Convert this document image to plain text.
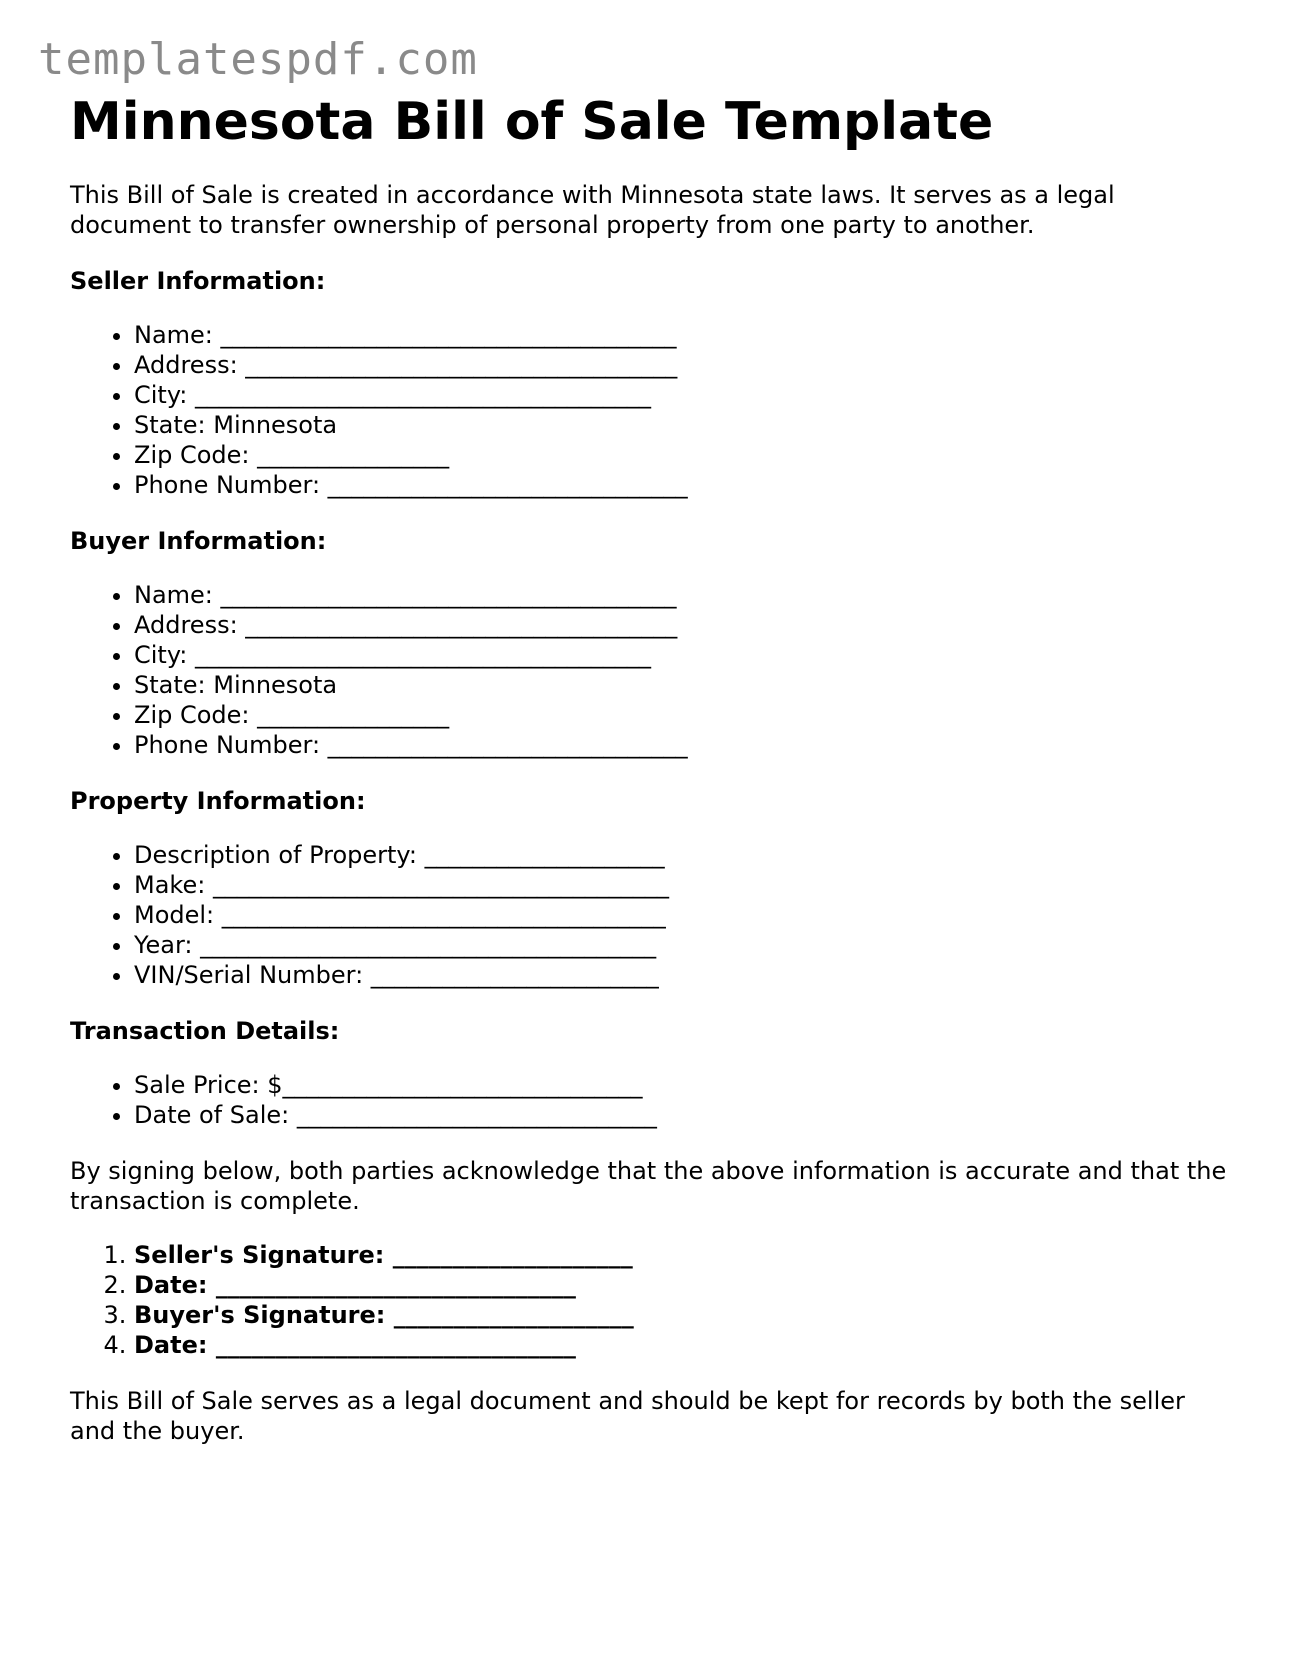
templatespdf.com
Minnesota Bill of Sale Template

This Bill of Sale is created in accordance with Minnesota state laws. It serves as a legal document to transfer ownership of personal property from one party to another.

Seller Information:
• Name: ______________________________________
• Address: ____________________________________
• City: ______________________________________
• State: Minnesota
• Zip Code: ________________
• Phone Number: ______________________________
Buyer Information:
• Name: ______________________________________
• Address: ____________________________________
• City: ______________________________________
• State: Minnesota
• Zip Code: ________________
• Phone Number: ______________________________
Property Information:
• Description of Property: ____________________
• Make: ______________________________________
• Model: _____________________________________
• Year: ______________________________________
• VIN/Serial Number: ________________________
Transaction Details:
• Sale Price: $______________________________
• Date of Sale: ______________________________

By signing below, both parties acknowledge that the above information is accurate and that the transaction is complete.

1. Seller's Signature: ____________________
2. Date: ______________________________
3. Buyer's Signature: ____________________
4. Date: ______________________________

This Bill of Sale serves as a legal document and should be kept for records by both the seller and the buyer.
